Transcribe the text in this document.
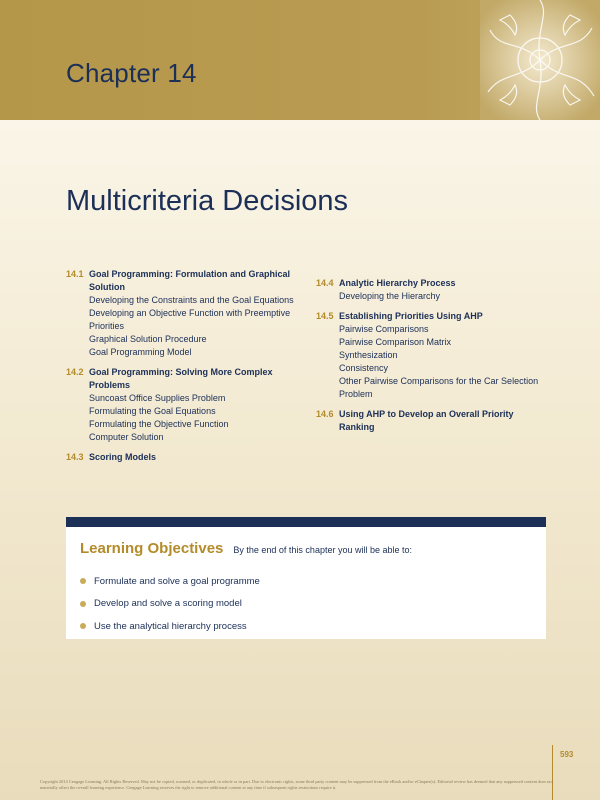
Chapter 14
Multicriteria Decisions
14.1 Goal Programming: Formulation and Graphical Solution
Developing the Constraints and the Goal Equations
Developing an Objective Function with Preemptive Priorities
Graphical Solution Procedure
Goal Programming Model
14.2 Goal Programming: Solving More Complex Problems
Suncoast Office Supplies Problem
Formulating the Goal Equations
Formulating the Objective Function
Computer Solution
14.3 Scoring Models
14.4 Analytic Hierarchy Process
Developing the Hierarchy
14.5 Establishing Priorities Using AHP
Pairwise Comparisons
Pairwise Comparison Matrix
Synthesization
Consistency
Other Pairwise Comparisons for the Car Selection Problem
14.6 Using AHP to Develop an Overall Priority Ranking
Learning Objectives By the end of this chapter you will be able to:
Formulate and solve a goal programme
Develop and solve a scoring model
Use the analytical hierarchy process
593
Copyright 2014 Cengage Learning. All Rights Reserved. May not be copied, scanned, or duplicated, in whole or in part. Due to electronic rights, some third party content may be suppressed from the eBook and/or eChapter(s). Editorial review has deemed that any suppressed content does not materially affect the overall learning experience. Cengage Learning reserves the right to remove additional content at any time if subsequent rights restrictions require it.
